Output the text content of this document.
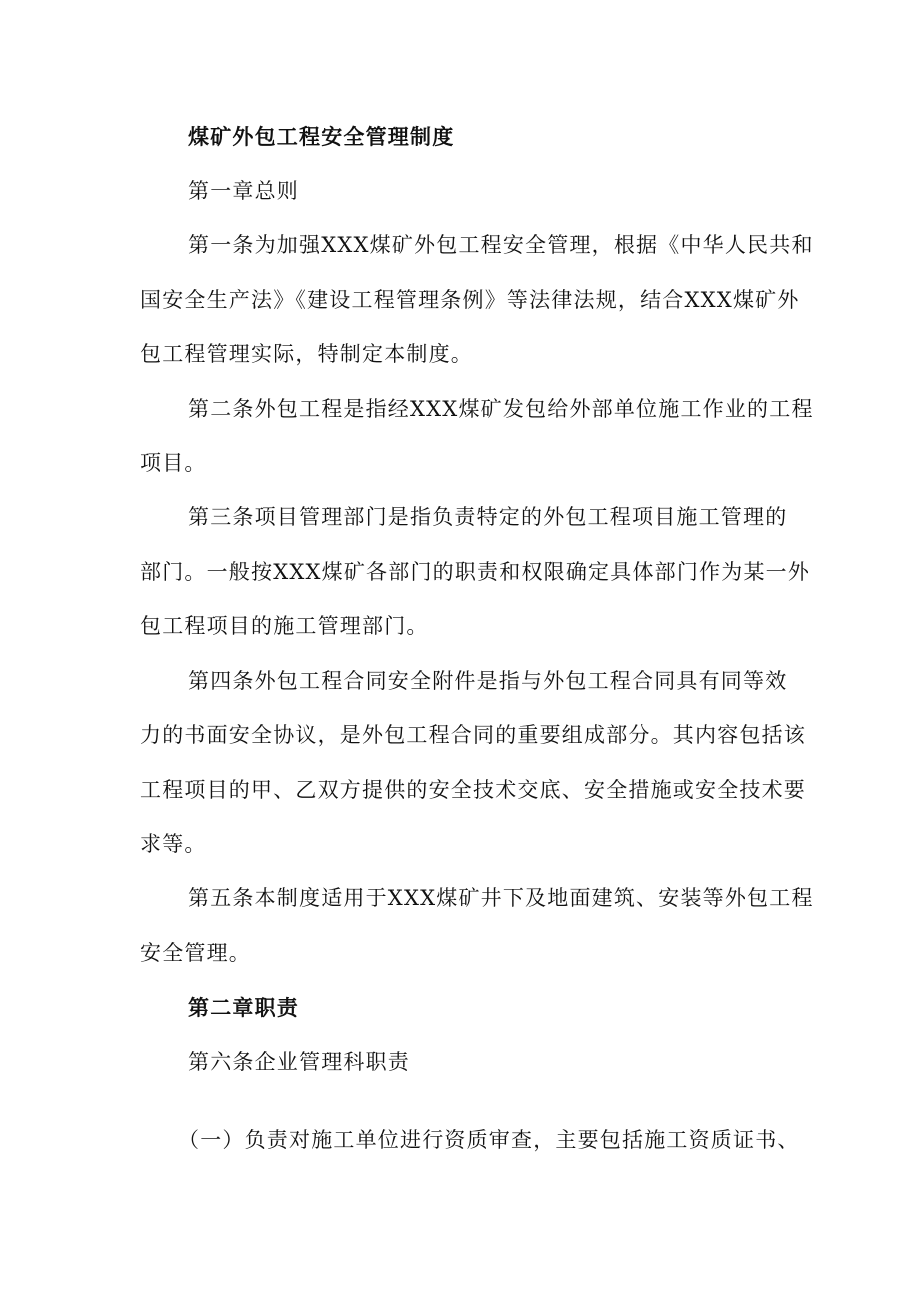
煤矿外包工程安全管理制度
第一章总则
第一条为加强XXX煤矿外包工程安全管理，根据《中华人民共和
国安全生产法》《建设工程管理条例》等法律法规，结合XXX煤矿外
包工程管理实际，特制定本制度。
第二条外包工程是指经XXX煤矿发包给外部单位施工作业的工程
项目。
第三条项目管理部门是指负责特定的外包工程项目施工管理的
部门。一般按XXX煤矿各部门的职责和权限确定具体部门作为某一外
包工程项目的施工管理部门。
第四条外包工程合同安全附件是指与外包工程合同具有同等效
力的书面安全协议，是外包工程合同的重要组成部分。其内容包括该
工程项目的甲、乙双方提供的安全技术交底、安全措施或安全技术要
求等。
第五条本制度适用于XXX煤矿井下及地面建筑、安装等外包工程
安全管理。
第二章职责
第六条企业管理科职责
（一）负责对施工单位进行资质审查，主要包括施工资质证书、
